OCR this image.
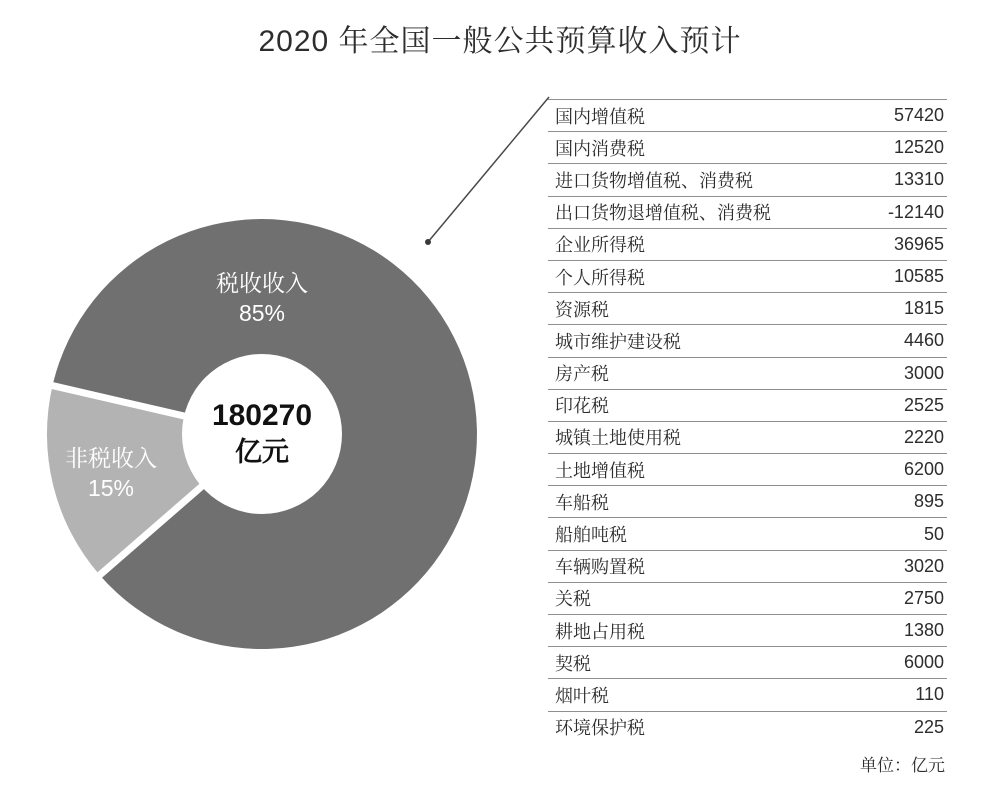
2020 年全国一般公共预算收入预计
税收收入
85%
非税收入
15%
180270
亿元
国内增值税	57420
国内消费税	12520
进口货物增值税、消费税	13310
出口货物退增值税、消费税	-12140
企业所得税	36965
个人所得税	10585
资源税	1815
城市维护建设税	4460
房产税	3000
印花税	2525
城镇土地使用税	2220
土地增值税	6200
车船税	895
船舶吨税	50
车辆购置税	3020
关税	2750
耕地占用税	1380
契税	6000
烟叶税	110
环境保护税	225
单位：亿元
